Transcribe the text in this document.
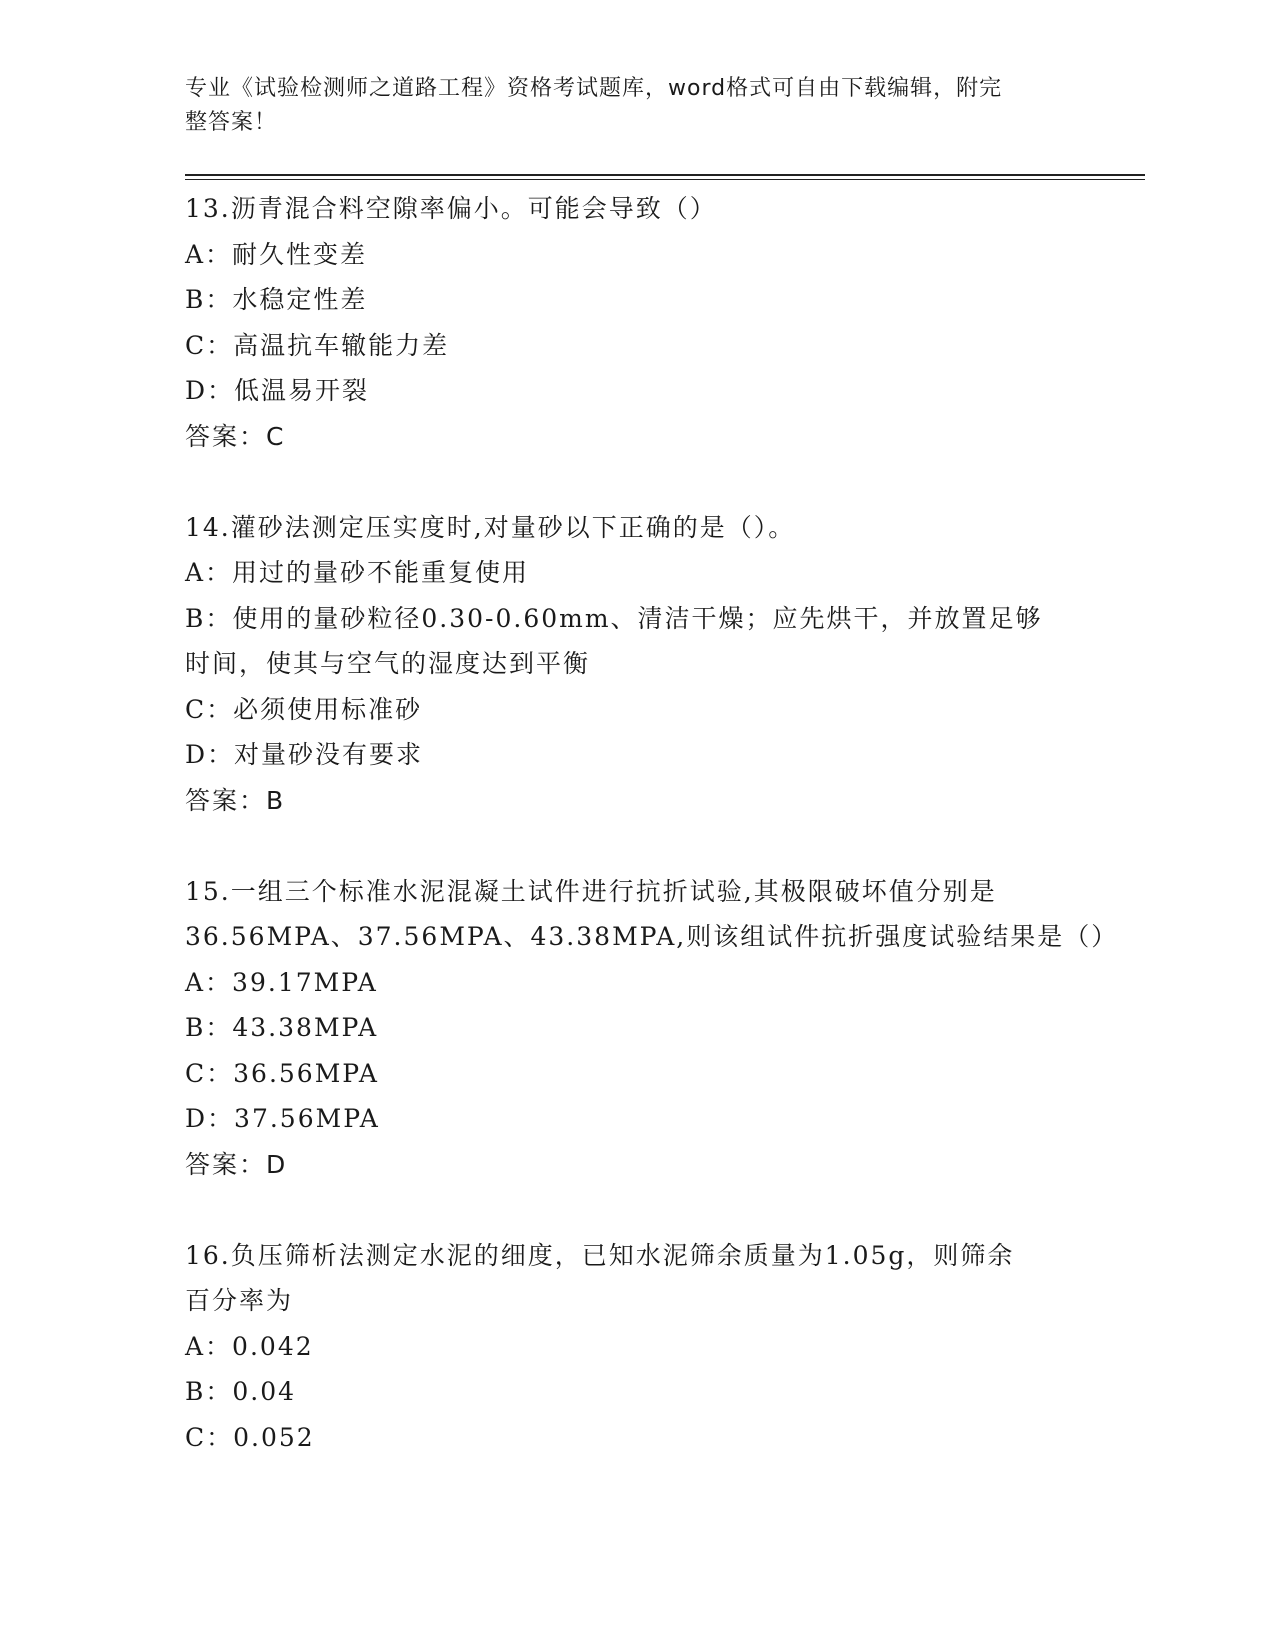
专业《试验检测师之道路工程》资格考试题库，word格式可自由下载编辑，附完
整答案！
13.沥青混合料空隙率偏小。可能会导致（）
A：耐久性变差
B：水稳定性差
C：高温抗车辙能力差
D：低温易开裂
答案：C
14.灌砂法测定压实度时,对量砂以下正确的是（）。
A：用过的量砂不能重复使用
B：使用的量砂粒径0.30-0.60mm、清洁干燥；应先烘干，并放置足够
时间，使其与空气的湿度达到平衡
C：必须使用标准砂
D：对量砂没有要求
答案：B
15.一组三个标准水泥混凝土试件进行抗折试验,其极限破坏值分别是
36.56MPA、37.56MPA、43.38MPA,则该组试件抗折强度试验结果是（）
A：39.17MPA
B：43.38MPA
C：36.56MPA
D：37.56MPA
答案：D
16.负压筛析法测定水泥的细度，已知水泥筛余质量为1.05g，则筛余
百分率为
A：0.042
B：0.04
C：0.052
